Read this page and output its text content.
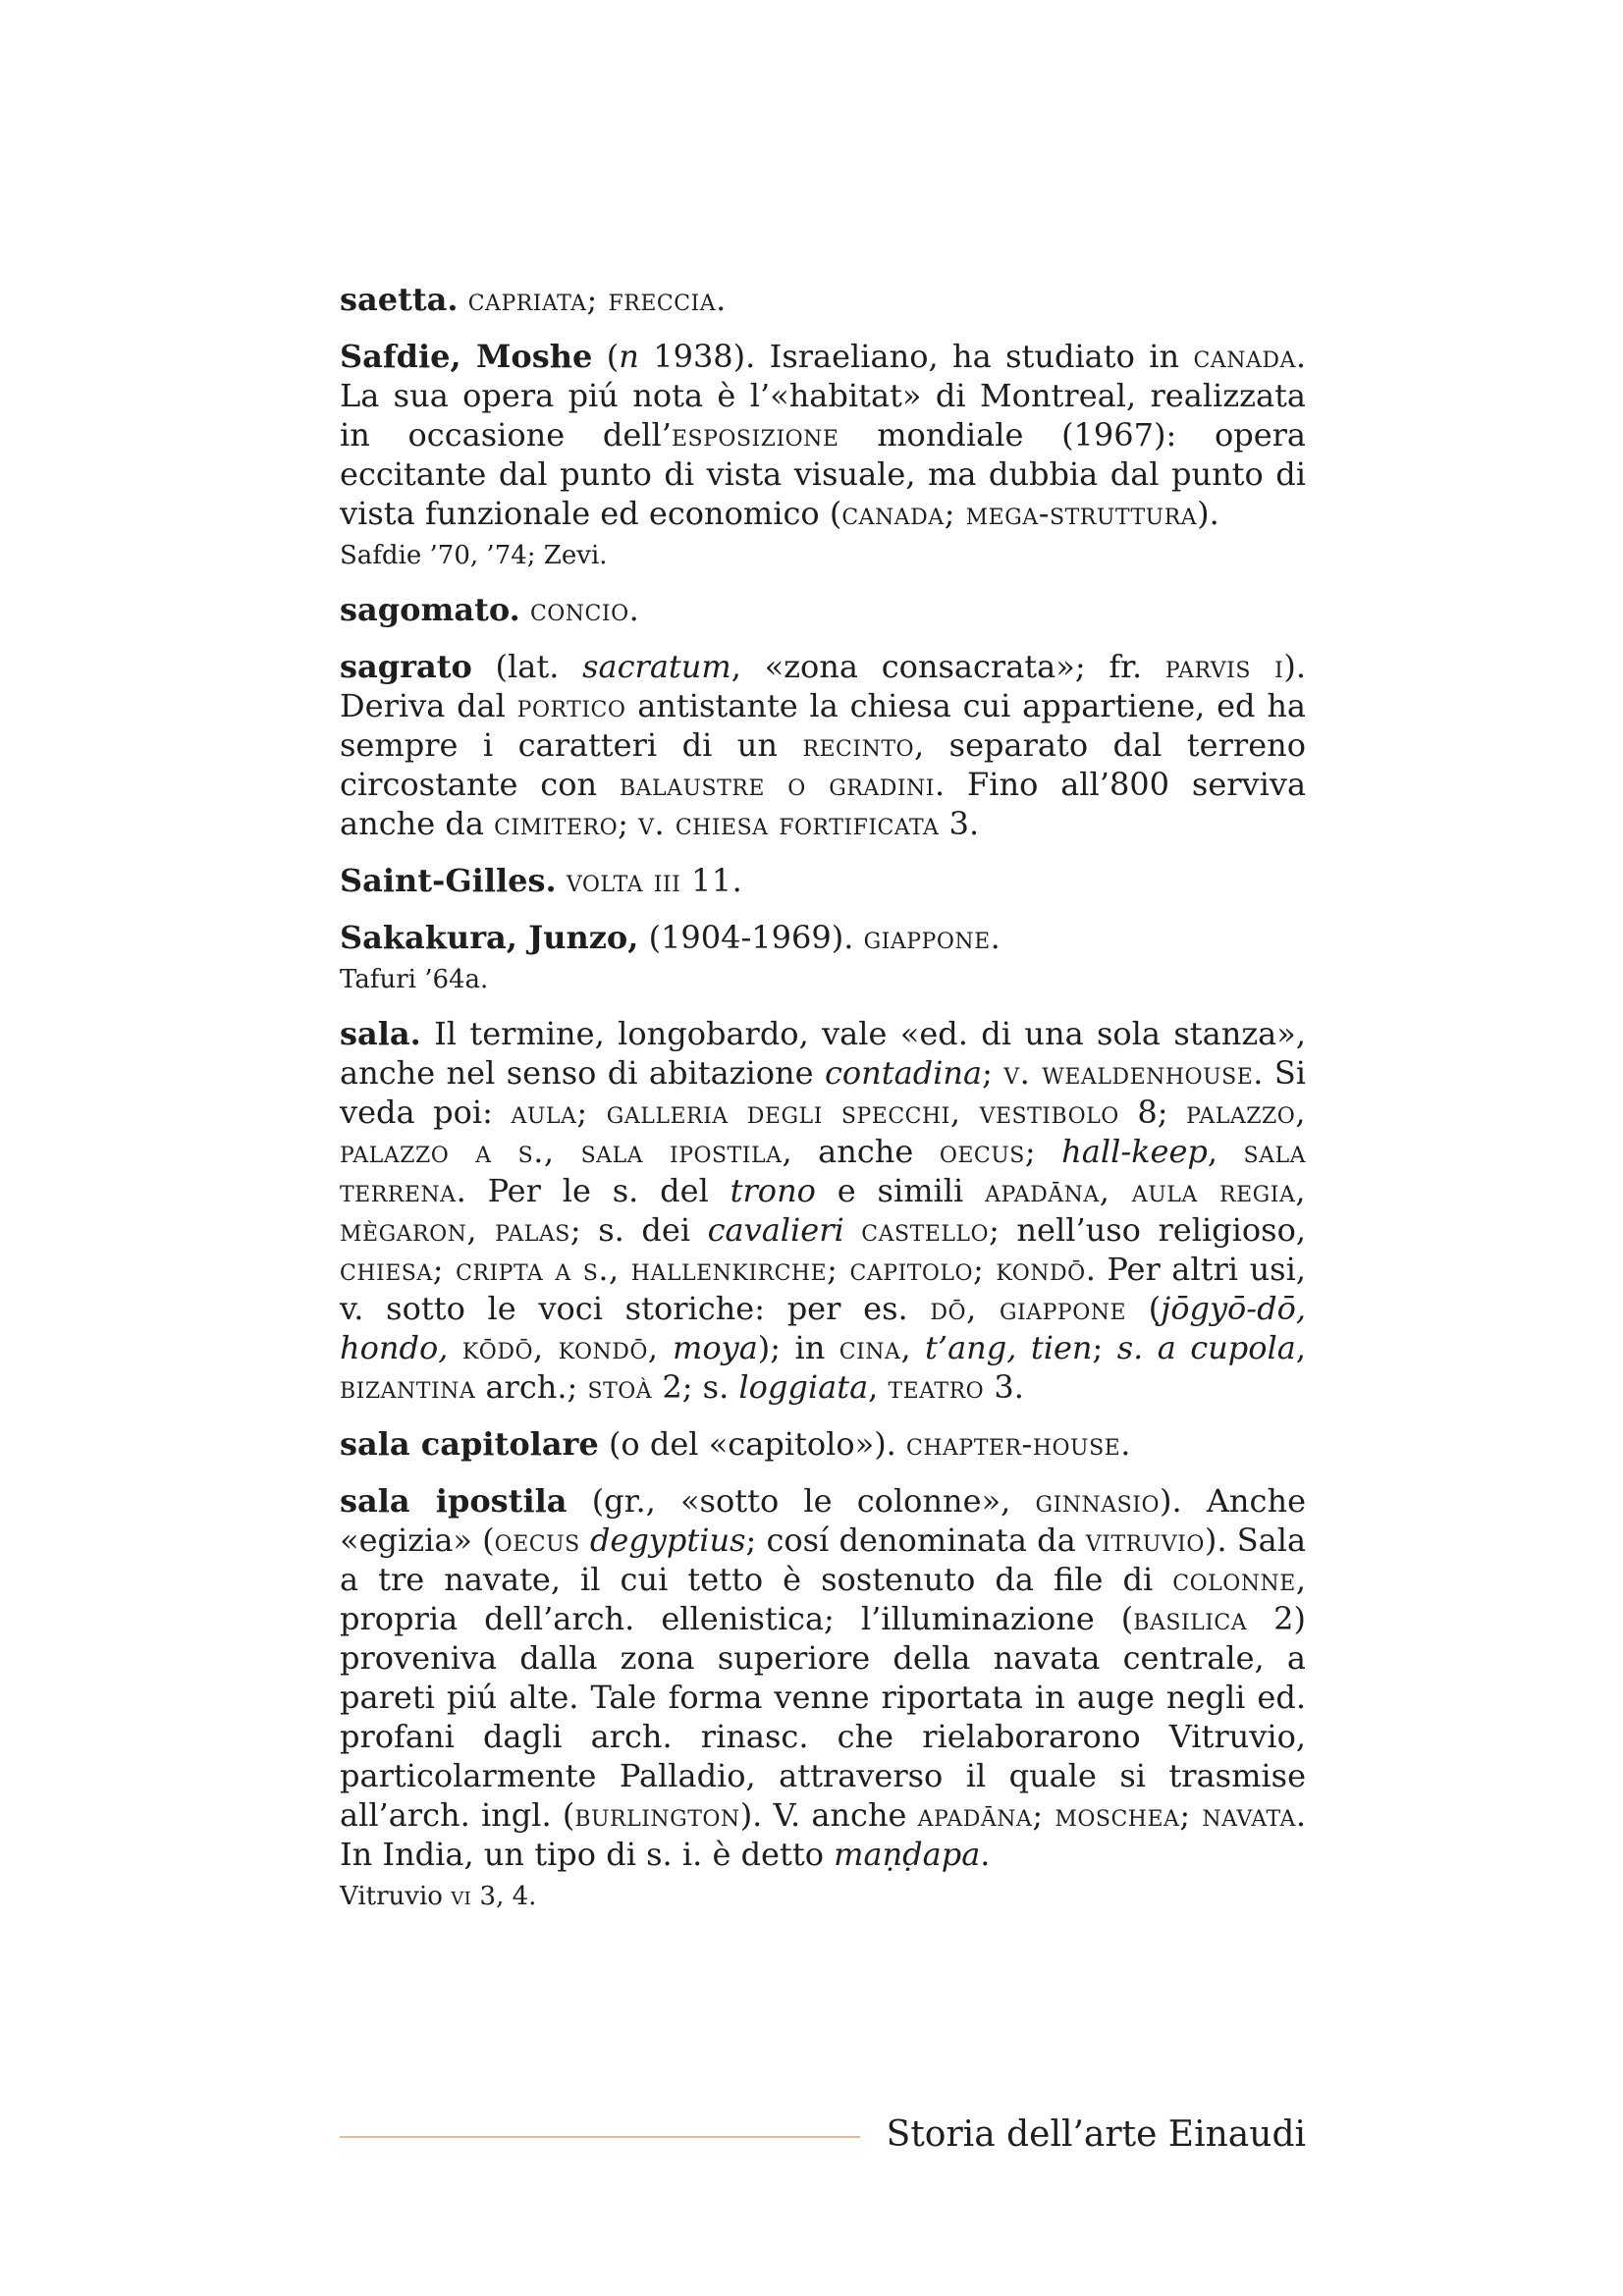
saetta. capriata; freccia.

Safdie, Moshe (n 1938). Israeliano, ha studiato in canada. La sua opera piú nota è l’«habitat» di Montreal, realizzata in occasione dell’esposizione mondiale (1967): opera eccitante dal punto di vista visuale, ma dubbia dal punto di vista funzionale ed economico (canada; mega-struttura).

Safdie ’70, ’74; Zevi.

sagomato. concio.

sagrato (lat. sacratum, «zona consacrata»; fr. parvis i). Deriva dal portico antistante la chiesa cui appartiene, ed ha sempre i caratteri di un recinto, separato dal terreno circostante con balaustre o gradini. Fino all’800 serviva anche da cimitero; v. chiesa fortificata 3.

Saint-Gilles. volta iii 11.

Sakakura, Junzo, (1904-1969). giappone.

Tafuri ’64a.

sala. Il termine, longobardo, vale «ed. di una sola stanza», anche nel senso di abitazione contadina; v. wealdenhouse. Si veda poi: aula; galleria degli specchi, vestibolo 8; palazzo, palazzo a s., sala ipostila, anche oecus; hall-keep, sala terrena. Per le s. del trono e simili apadāna, aula regia, mègaron, palas; s. dei cavalieri castello; nell’uso religioso, chiesa; cripta a s., hallenkirche; capitolo; kondō. Per altri usi, v. sotto le voci storiche: per es. dō, giappone (jōgyō-dō, hondo, kōdō, kondō, moya); in cina, t’ang, tien; s. a cupola, bizantina arch.; stoà 2; s. loggiata, teatro 3.

sala capitolare (o del «capitolo»). chapter-house.

sala ipostila (gr., «sotto le colonne», ginnasio). Anche «egizia» (oecus degyptius; cosí denominata da vitruvio). Sala a tre navate, il cui tetto è sostenuto da file di colonne, propria dell’arch. ellenistica; l’illuminazione (basilica 2) proveniva dalla zona superiore della navata centrale, a pareti piú alte. Tale forma venne riportata in auge negli ed. profani dagli arch. rinasc. che rielaborarono Vitruvio, particolarmente Palladio, attraverso il quale si trasmise all’arch. ingl. (burlington). V. anche apadāna; moschea; navata. In India, un tipo di s. i. è detto maṇḍapa.

Vitruvio vi 3, 4.

Storia dell’arte Einaudi
